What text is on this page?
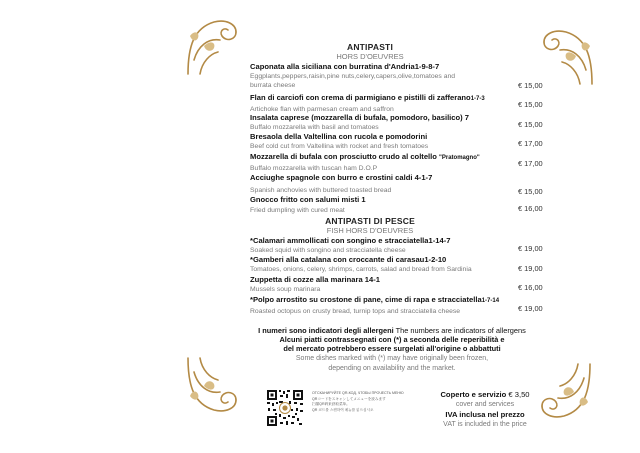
ANTIPASTI
HORS D'OEUVRES
Caponata alla siciliana con burratina d'Andria1-9-8-7
Eggplants,peppers,raisin,pine nuts,celery,capers,olive,tomatoes and
burrata cheese	€ 15,00
Flan di carciofi con crema di parmigiano e pistilli di zafferano1-7-3
Artichoke flan with parmesan cream and saffron	€ 15,00
Insalata caprese (mozzarella di bufala, pomodoro, basilico) 7
Buffalo mozzarella with basil and tomatoes	€ 15,00
Bresaola della Valtellina con rucola e pomodorini
Beef cold cut from Valtellina with rocket and fresh tomatoes	€ 17,00
Mozzarella di bufala con prosciutto crudo al coltello "Pratomagno"
Buffalo mozzarella with tuscan ham D.O.P	€ 17,00
Acciughe spagnole con burro e crostini caldi 4-1-7
Spanish anchovies with buttered toasted bread	€ 15,00
Gnocco fritto con salumi misti 1
Fried dumpling with cured meat	€ 16,00
ANTIPASTI DI PESCE
FISH HORS D'OEUVRES
*Calamari ammollicati con songino e stracciatella1-14-7
Soaked squid with songino and stracciatella cheese	€ 19,00
*Gamberi alla catalana con croccante di carasau1-2-10
Tomatoes, onions, celery, shrimps, carrots, salad and bread from Sardinia	€ 19,00
Zuppetta di cozze alla marinara 14-1
Mussels soup marinara	€ 16,00
*Polpo arrostito su crostone di pane, cime di rapa e stracciatella1-7-14
Roasted octopus on crusty bread, turnip tops and stracciatella cheese	€ 19,00
I numeri sono indicatori degli allergeni The numbers are indicators of allergens
Alcuni piatti contrassegnati con (*) a seconda delle reperibilità e
del mercato potrebbero essere surgelati all'origine o abbattuti
Some dishes marked with (*) may have originally been frozen,
depending on availability and the market.
ОТСКАНИРУЙТЕ QR-КОД, ЧТОБЫ ПРОЧЕСТЬ МЕНЮ
QRコードをスキャンしてメニューを読みます
扫描QR码来获取菜单。
QR 코드를 스캔하여 메뉴를 읽으십시오
Coperto e servizio € 3,50
cover and services
IVA inclusa nel prezzo
VAT is included in the price
